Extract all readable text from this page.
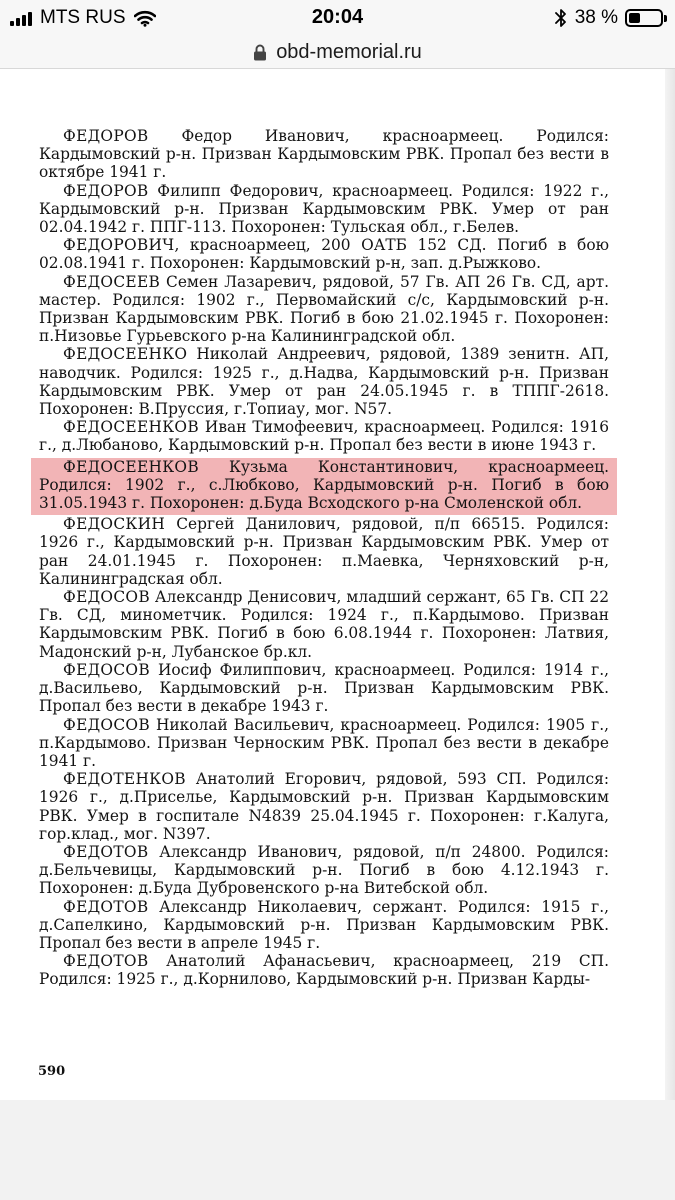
MTS RUS	20:04	38 %
obd-memorial.ru

ФЕДОРОВ Федор Иванович, красноармеец. Родился: Кардымовский р-н. Призван Кардымовским РВК. Пропал без вести в октябре 1941 г.

ФЕДОРОВ Филипп Федорович, красноармеец. Родился: 1922 г., Кардымовский р-н. Призван Кардымовским РВК. Умер от ран 02.04.1942 г. ППГ-113. Похоронен: Тульская обл., г.Белев.

ФЕДОРОВИЧ, красноармеец, 200 ОАТБ 152 СД. Погиб в бою 02.08.1941 г. Похоронен: Кардымовский р-н, зап. д.Рыжково.

ФЕДОСЕЕВ Семен Лазаревич, рядовой, 57 Гв. АП 26 Гв. СД, арт. мастер. Родился: 1902 г., Первомайский с/с, Кардымовский р-н. Призван Кардымовским РВК. Погиб в бою 21.02.1945 г. Похоронен: п.Низовье Гурьевского р-на Калининградской обл.

ФЕДОСЕЕНКО Николай Андреевич, рядовой, 1389 зенитн. АП, наводчик. Родился: 1925 г., д.Надва, Кардымовский р-н. Призван Кардымовским РВК. Умер от ран 24.05.1945 г. в ТППГ-2618. Похоронен: В.Пруссия, г.Топиау, мог. N57.

ФЕДОСЕЕНКОВ Иван Тимофеевич, красноармеец. Родился: 1916 г., д.Любаново, Кардымовский р-н. Пропал без вести в июне 1943 г.

ФЕДОСЕЕНКОВ Кузьма Константинович, красноармеец. Родился: 1902 г., с.Любково, Кардымовский р-н. Погиб в бою 31.05.1943 г. Похоронен: д.Буда Всходского р-на Смоленской обл.

ФЕДОСКИН Сергей Данилович, рядовой, п/п 66515. Родился: 1926 г., Кардымовский р-н. Призван Кардымовским РВК. Умер от ран 24.01.1945 г. Похоронен: п.Маевка, Черняховский р-н, Калининградская обл.

ФЕДОСОВ Александр Денисович, младший сержант, 65 Гв. СП 22 Гв. СД, минометчик. Родился: 1924 г., п.Кардымово. Призван Кардымовским РВК. Погиб в бою 6.08.1944 г. Похоронен: Латвия, Мадонский р-н, Лубанское бр.кл.

ФЕДОСОВ Иосиф Филиппович, красноармеец. Родился: 1914 г., д.Васильево, Кардымовский р-н. Призван Кардымовским РВК. Пропал без вести в декабре 1943 г.

ФЕДОСОВ Николай Васильевич, красноармеец. Родился: 1905 г., п.Кардымово. Призван Черноским РВК. Пропал без вести в декабре 1941 г.

ФЕДОТЕНКОВ Анатолий Егорович, рядовой, 593 СП. Родился: 1926 г., д.Приселье, Кардымовский р-н. Призван Кардымовским РВК. Умер в госпитале N4839 25.04.1945 г. Похоронен: г.Калуга, гор.клад., мог. N397.

ФЕДОТОВ Александр Иванович, рядовой, п/п 24800. Родился: д.Бельчевицы, Кардымовский р-н. Погиб в бою 4.12.1943 г. Похоронен: д.Буда Дубровенского р-на Витебской обл.

ФЕДОТОВ Александр Николаевич, сержант. Родился: 1915 г., д.Сапелкино, Кардымовский р-н. Призван Кардымовским РВК. Пропал без вести в апреле 1945 г.

ФЕДОТОВ Анатолий Афанасьевич, красноармеец, 219 СП. Родился: 1925 г., д.Корнилово, Кардымовский р-н. Призван Карды-

590
